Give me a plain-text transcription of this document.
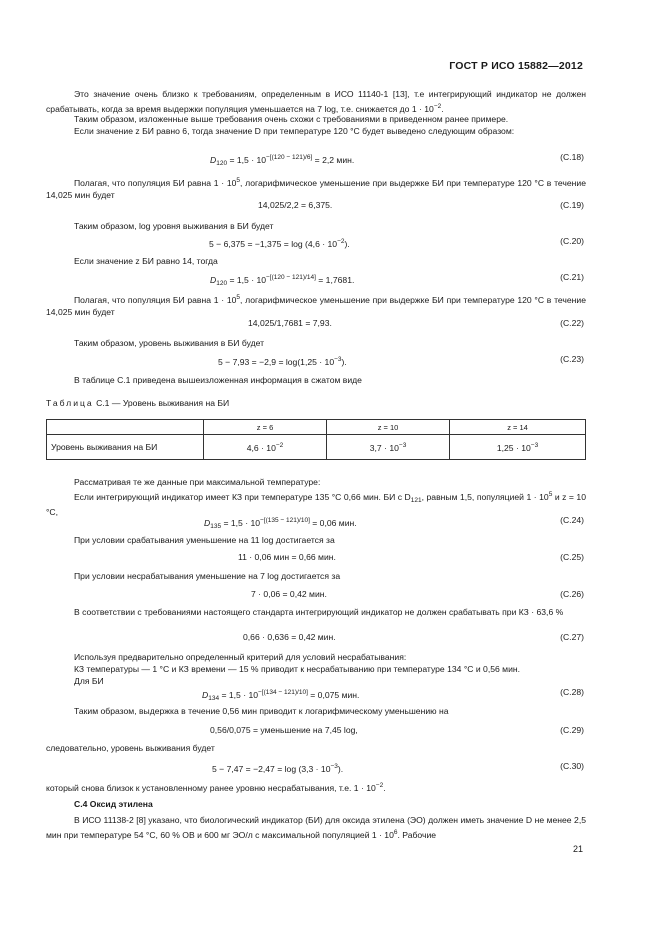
ГОСТ Р ИСО 15882—2012
Это значение очень близко к требованиям, определенным в ИСО 11140-1 [13], т.е интегрирующий индикатор не должен срабатывать, когда за время выдержки популяция уменьшается на 7 log, т.е. снижается до $1 \cdot 10^{-2}$.
Таким образом, изложенные выше требования очень схожи с требованиями в приведенном ранее примере.
Если значение z БИ равно 6, тогда значение D при температуре 120 °С будет выведено следующим образом:
$D_{120} = 1,5 \cdot 10^{-[(120 - 121)/6]} = 2,2$ мин.	(С.18)
Полагая, что популяция БИ равна $1 \cdot 10^5$, логарифмическое уменьшение при выдержке БИ при температуре 120 °С в течение 14,025 мин будет
14,025/2,2 = 6,375.	(С.19)
Таким образом, log уровня выживания в БИ будет
$5 - 6,375 = -1,375 = \log (4,6 \cdot 10^{-2})$.	(С.20)
Если значение z БИ равно 14, тогда
$D_{120} = 1,5 \cdot 10^{-[(120 - 121)/14]} = 1,7681$.	(С.21)
Полагая, что популяция БИ равна $1 \cdot 10^5$, логарифмическое уменьшение при выдержке БИ при температуре 120 °С в течение 14,025 мин будет
14,025/1,7681 = 7,93.	(С.22)
Таким образом, уровень выживания в БИ будет
$5 - 7,93 = -2,9 = \log(1,25 \cdot 10^{-3})$.	(С.23)
В таблице С.1 приведена вышеизложенная информация в сжатом виде
Таблица С.1 — Уровень выживания на БИ
	z = 6	z = 10	z = 14
Уровень выживания на БИ	$4,6 \cdot 10^{-2}$	$3,7 \cdot 10^{-3}$	$1,25 \cdot 10^{-3}$
Рассматривая те же данные при максимальной температуре:
Если интегрирующий индикатор имеет КЗ при температуре 135 °С 0,66 мин. БИ с $D_{121}$, равным 1,5, популяцией $1 \cdot 10^5$ и z = 10 °С,
$D_{135} = 1,5 \cdot 10^{-[(135 - 121)/10]} = 0,06$ мин.	(С.24)
При условии срабатывания уменьшение на 11 log достигается за
11 · 0,06 мин = 0,66 мин.	(С.25)
При условии несрабатывания уменьшение на 7 log достигается за
7 · 0,06 = 0,42 мин.	(С.26)
В соответствии с требованиями настоящего стандарта интегрирующий индикатор не должен срабатывать при КЗ · 63,6 %
0,66 · 0,636 = 0,42 мин.	(С.27)
Используя предварительно определенный критерий для условий несрабатывания:
КЗ температуры — 1 °С и КЗ времени — 15 % приводит к несрабатыванию при температуре 134 °С и 0,56 мин.
Для БИ
$D_{134} = 1,5 \cdot 10^{-[(134 - 121)/10]} = 0,075$ мин.	(С.28)
Таким образом, выдержка в течение 0,56 мин приводит к логарифмическому уменьшению на
0,56/0,075 = уменьшение на 7,45 log,	(С.29)
следовательно, уровень выживания будет
$5 - 7,47 = -2,47 = \log (3,3 \cdot 10^{-3})$.	(С.30)
который снова близок к установленному ранее уровню несрабатывания, т.е. $1 \cdot 10^{-2}$.
С.4 Оксид этилена
В ИСО 11138-2 [8] указано, что биологический индикатор (БИ) для оксида этилена (ЭО) должен иметь значение D не менее 2,5 мин при температуре 54 °С, 60 % ОВ и 600 мг ЭО/л с максимальной популяцией $1 \cdot 10^6$. Рабочие
21
